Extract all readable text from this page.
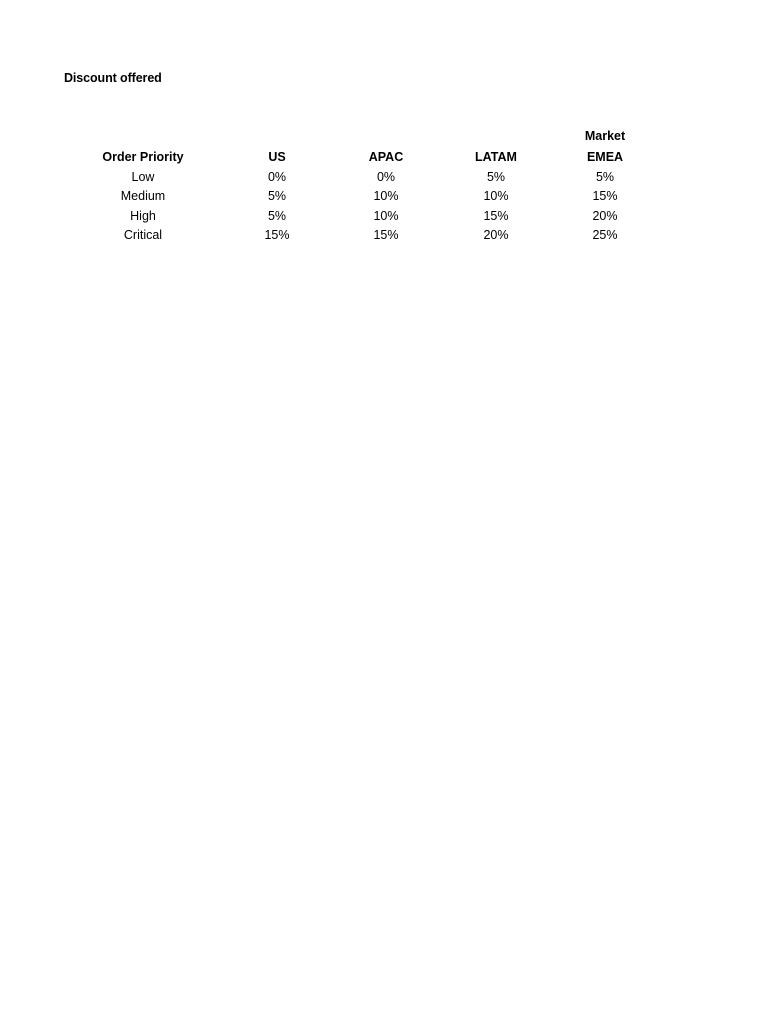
Discount offered
Market
Order Priority
Low
Medium
High
Critical
US
0%
5%
5%
15%
APAC
0%
10%
10%
15%
LATAM
5%
10%
15%
20%
EMEA
5%
15%
20%
25%
